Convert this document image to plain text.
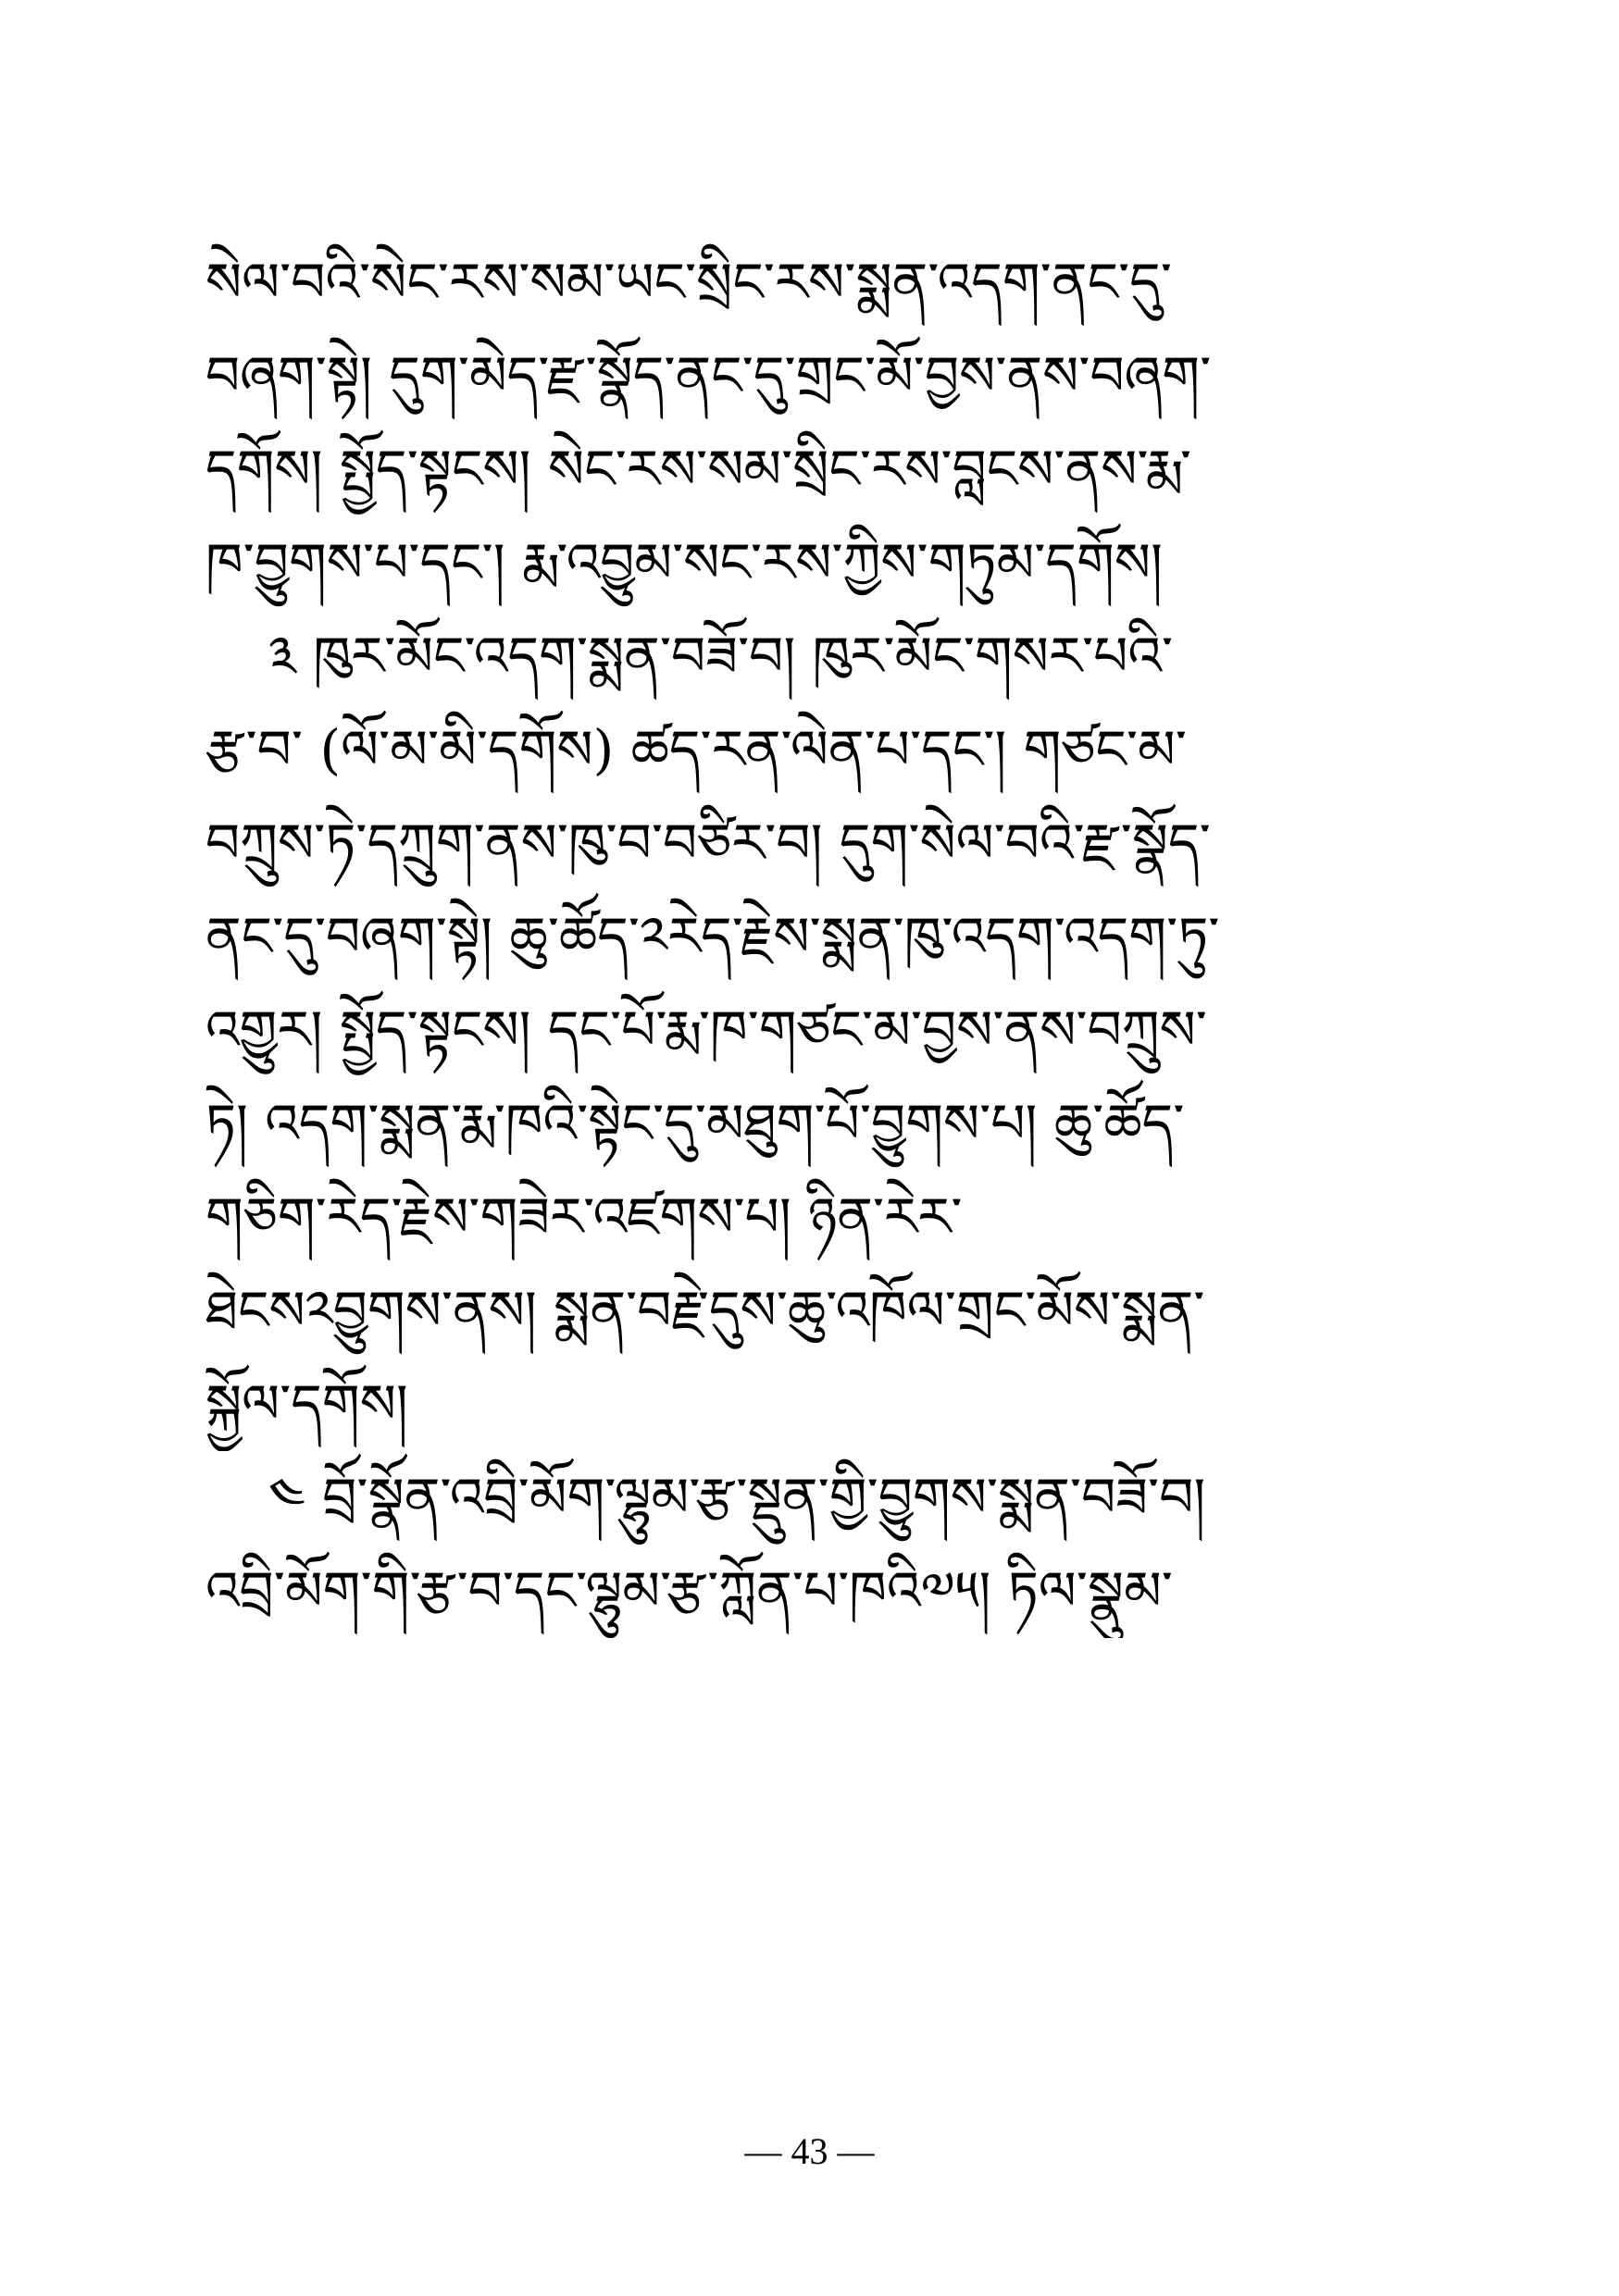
སེལ་བའི་སེང་རས་སམ་ཡང་སྲིང་རས་སྨན་འདག་ནང་དུ་
བཞག་སྟེ། དུག་མེད་རྫ་སྣོད་ནང་དུ་གྲང་མོ་བྱས་ནས་བཞག་
དགོས། སྤྱོད་སྟངས། སེང་རས་སམ་སྲིང་རས་བླངས་ནས་རྨ་
ཁ་བྱུགས་པ་དང་། རྨ་འབྱུམ་སང་རས་ཀྱིས་གཏུམ་དགོས།
༣ ཁུར་མོང་འདག་སྨན་བཟོ་བ། ཁུར་མོང་གསར་པའི་
རྩ་བ་ (ལོ་མ་མི་དགོས) ཚད་རན་ལེན་པ་དང་། གཙང་མ་
བཀྲུས་ཏེ་དཀྲུག་ནས་ཁུ་བ་བཙིར་བ། དུག་སེལ་བའི་རྫ་སྣོད་
ནང་དུ་བཞག་སྟེ། ཆུ་ཚོད་༢རེད་རྗེས་སྨན་ཁུ་འདག་འདག་ཏུ་
འགྱུར། སྤྱོད་སྟངས། དང་པོ་རྨ་ཁ་གཙང་མ་བྱས་ནས་བཀྲུས་
ཏེ། འདག་སྨན་རྨ་ཁའི་སྟེང་དུ་མཐུག་པོ་བྱུགས་པ། ཆུ་ཚོད་
གཅིག་རེད་རྗེས་གཟེར་འཛགས་པ། ཉིན་རེར་
ཐེངས༢བྱུགས་ནས། སྨན་བརྗེ་དུས་ཆུ་འཁོལ་གྲང་མོས་སྨན་
སྐྱོལ་དགོས།
༤ བྲོ་སྣོན་འབྲི་མོག་ལྷུམ་རྩ་སྡུན་གྱི་བྱུགས་སྨན་བཟོ་བ།
འབྲི་མོག་གི་རྩ་བ་དང་ལྷུམ་རྩ་ཀློན་པ་ཁའི༧༥། ཏིལ་སྣུམ་
— 43 —
